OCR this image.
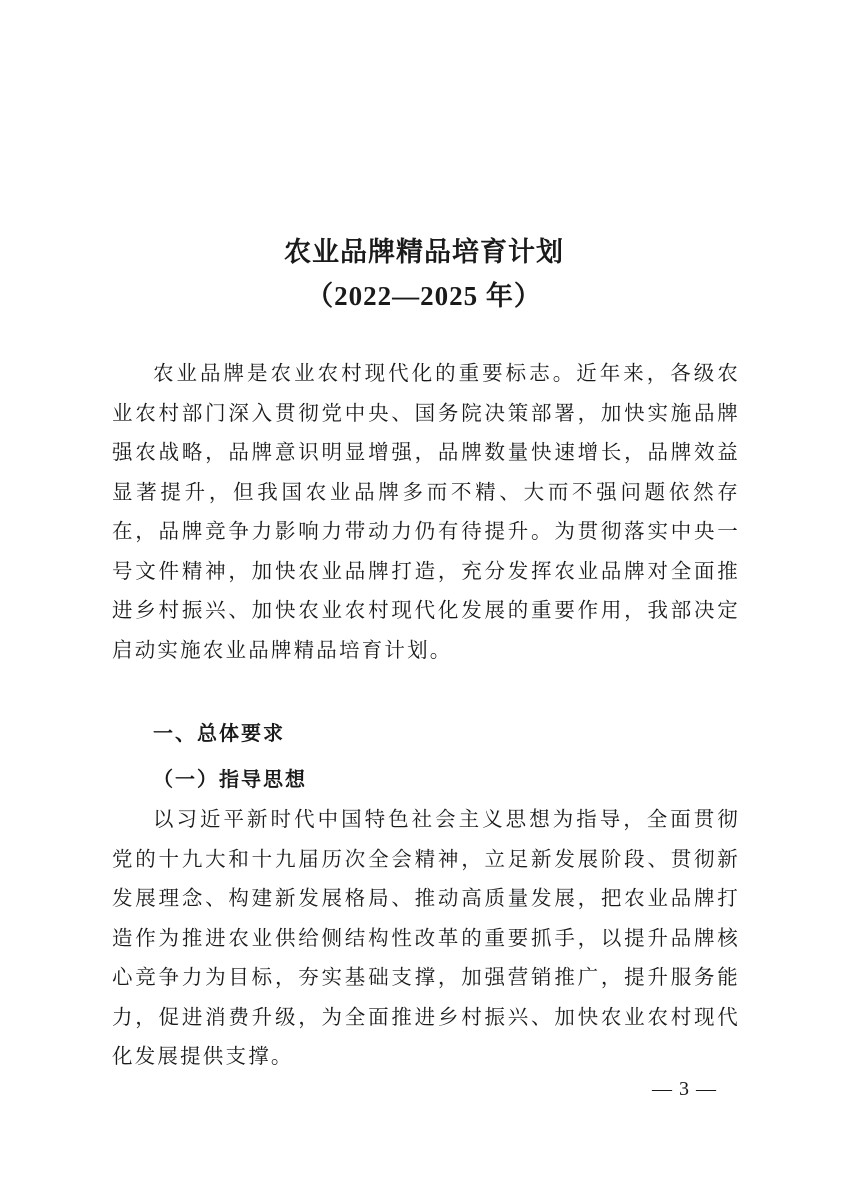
农业品牌精品培育计划
（2022—2025 年）

农业品牌是农业农村现代化的重要标志。近年来，各级农业农村部门深入贯彻党中央、国务院决策部署，加快实施品牌强农战略，品牌意识明显增强，品牌数量快速增长，品牌效益显著提升，但我国农业品牌多而不精、大而不强问题依然存在，品牌竞争力影响力带动力仍有待提升。为贯彻落实中央一号文件精神，加快农业品牌打造，充分发挥农业品牌对全面推进乡村振兴、加快农业农村现代化发展的重要作用，我部决定启动实施农业品牌精品培育计划。

一、总体要求
（一）指导思想

以习近平新时代中国特色社会主义思想为指导，全面贯彻党的十九大和十九届历次全会精神，立足新发展阶段、贯彻新发展理念、构建新发展格局、推动高质量发展，把农业品牌打造作为推进农业供给侧结构性改革的重要抓手，以提升品牌核心竞争力为目标，夯实基础支撑，加强营销推广，提升服务能力，促进消费升级，为全面推进乡村振兴、加快农业农村现代化发展提供支撑。

— 3 —
